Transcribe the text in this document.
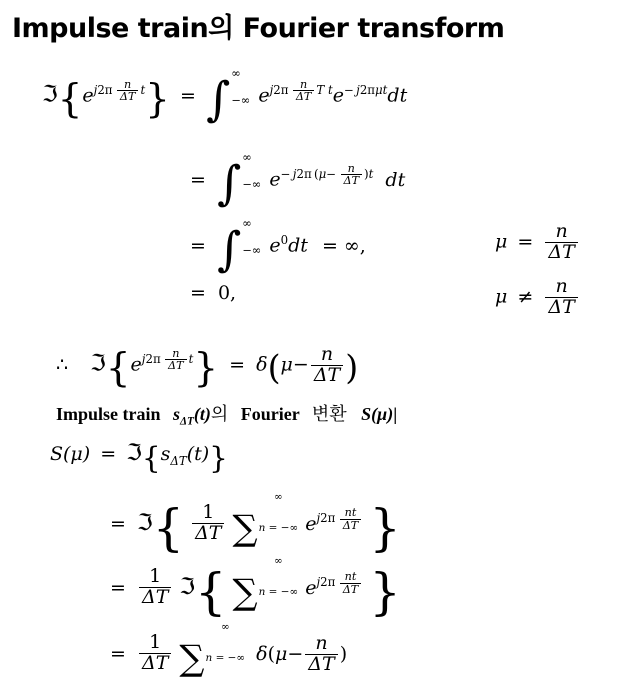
Impulse train의 Fourier transform
$ℑ\{e^{j2\pi \frac{n}{\Delta T} t}\}$ = ∫ ∞
−∞ $e^{j2\pi \frac{n}{\Delta T} T t}e^{- j2\pi\mu t}dt$
= ∫ ∞
−∞ $e^{- j2\pi (\mu- \frac{n}{\Delta T} )t}$ dt
= ∫ ∞
−∞ $e^0dt$ = ∞,	$\mu = \frac{n}{\Delta T}$
= 0,	$\mu \ne \frac{n}{\Delta T}$
∴ $ℑ\{e^{j2\pi \frac{n}{\Delta T} t}\} = \delta(\mu- \frac{n}{\Delta T}$ )
Impulse train $s_{\Delta T}(t)$의 Fourier 변환 S(μ)|
$S(\mu) = ℑ\{s_{\Delta T}(t)\}$
= ℑ{ $\frac{1}{\Delta T}$ ∑
∞
n = −∞ $e^{j2\pi \frac{nt}{\Delta T}}$ }
= $\frac{1}{\Delta T}$ ℑ{ ∑
∞
n = −∞ $e^{j2\pi \frac{nt}{\Delta T}}$ }
= $\frac{1}{\Delta T}$ ∑
∞
n = −∞ $\delta(\mu- \frac{n}{\Delta T}$ )
